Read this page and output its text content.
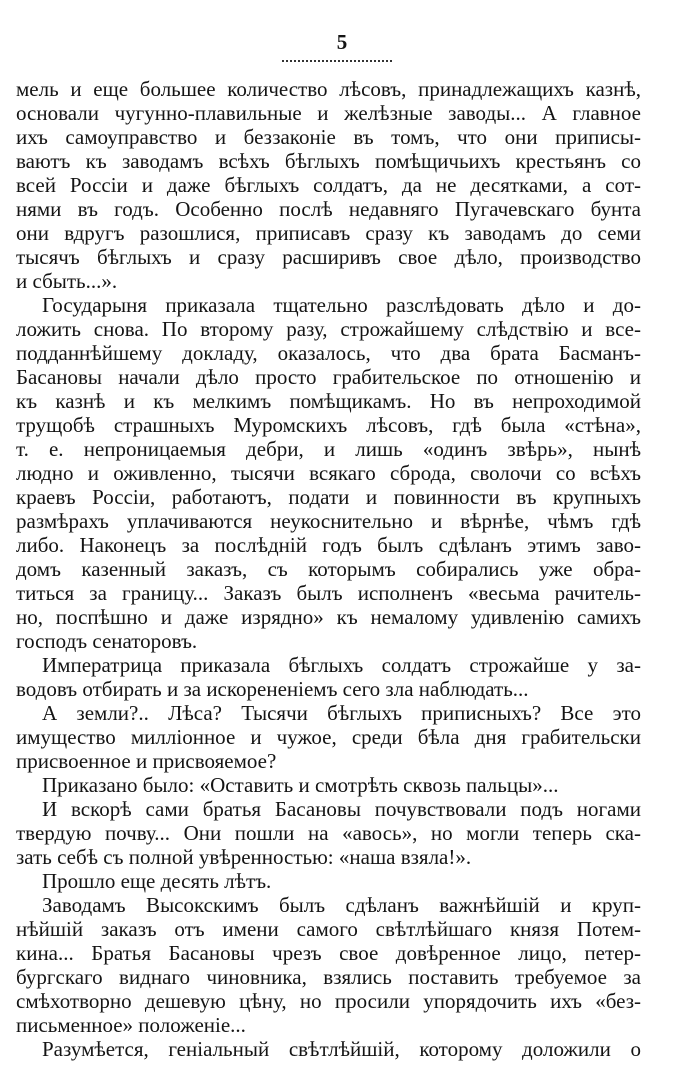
5
мель и еще большее количество лѣсовъ, принадлежащихъ казнѣ,
основали чугунно-плавильные и желѣзные заводы... А главное
ихъ самоуправство и беззаконіе въ томъ, что они приписы-
ваютъ къ заводамъ всѣхъ бѣглыхъ помѣщичьихъ крестьянъ со
всей Россіи и даже бѣглыхъ солдатъ, да не десятками, а сот-
нями въ годъ. Особенно послѣ недавняго Пугачевскаго бунта
они вдругъ разошлися, приписавъ сразу къ заводамъ до семи
тысячъ бѣглыхъ и сразу расширивъ свое дѣло, производство
и сбыть...».
Государыня приказала тщательно разслѣдовать дѣло и до-
ложить снова. По второму разу, строжайшему слѣдствію и все-
подданнѣйшему докладу, оказалось, что два брата Басманъ-
Басановы начали дѣло просто грабительское по отношенію и
къ казнѣ и къ мелкимъ помѣщикамъ. Но въ непроходимой
трущобѣ страшныхъ Муромскихъ лѣсовъ, гдѣ была «стѣна»,
т. е. непроницаемыя дебри, и лишь «одинъ звѣрь», нынѣ
людно и оживленно, тысячи всякаго сброда, сволочи со всѣхъ
краевъ Россіи, работаютъ, подати и повинности въ крупныхъ
размѣрахъ уплачиваются неукоснительно и вѣрнѣе, чѣмъ гдѣ
либо. Наконецъ за послѣдній годъ былъ сдѣланъ этимъ заво-
домъ казенный заказъ, съ которымъ собирались уже обра-
титься за границу... Заказъ былъ исполненъ «весьма рачитель-
но, поспѣшно и даже изрядно» къ немалому удивленію самихъ
господъ сенаторовъ.
Императрица приказала бѣглыхъ солдатъ строжайше у за-
водовъ отбирать и за искорененіемъ сего зла наблюдать...
А земли?.. Лѣса? Тысячи бѣглыхъ приписныхъ? Все это
имущество милліонное и чужое, среди бѣла дня грабительски
присвоенное и присвояемое?
Приказано было: «Оставить и смотрѣть сквозь пальцы»...
И вскорѣ сами братья Басановы почувствовали подъ ногами
твердую почву... Они пошли на «авось», но могли теперь ска-
зать себѣ съ полной увѣренностью: «наша взяла!».
Прошло еще десять лѣтъ.
Заводамъ Высокскимъ былъ сдѣланъ важнѣйшій и круп-
нѣйшій заказъ отъ имени самого свѣтлѣйшаго князя Потем-
кина... Братья Басановы чрезъ свое довѣренное лицо, петер-
бургскаго виднаго чиновника, взялись поставить требуемое за
смѣхотворно дешевую цѣну, но просили упорядочить ихъ «без-
письменное» положеніе...
Разумѣется, геніальный свѣтлѣйшій, которому доложили о
